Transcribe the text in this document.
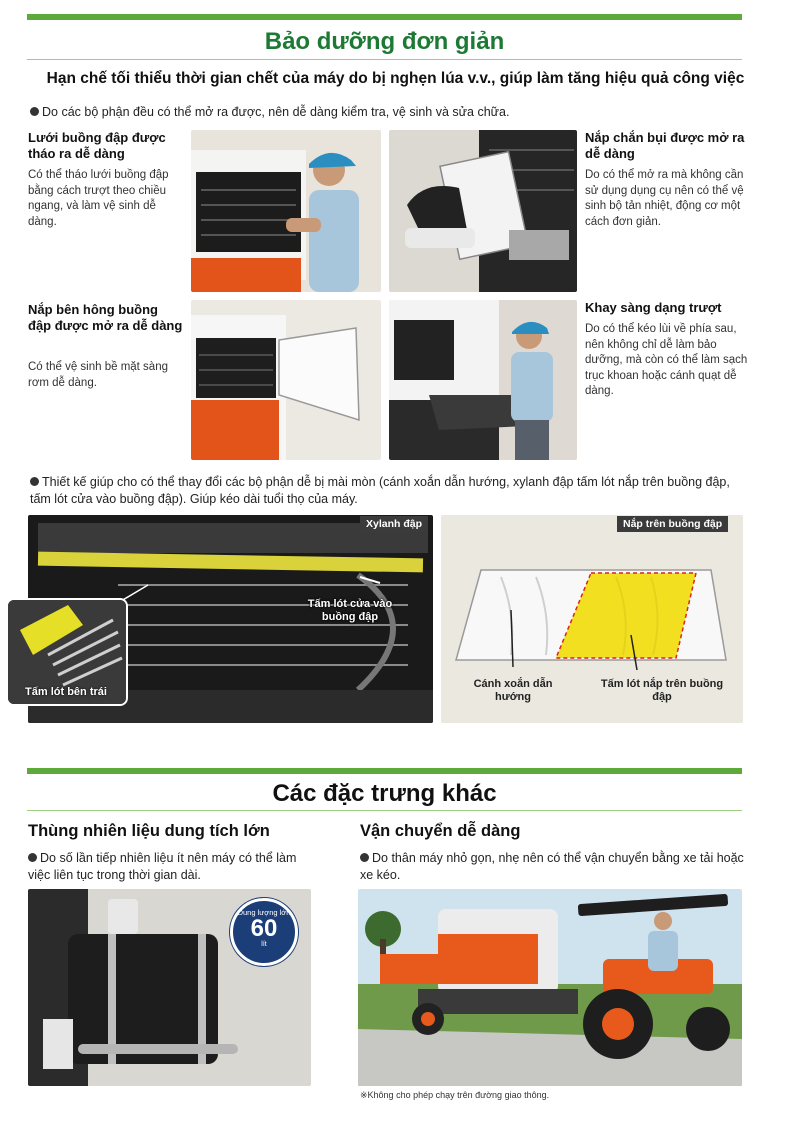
Bảo dưỡng đơn giản
Hạn chế tối thiểu thời gian chết của máy do bị nghẹn lúa v.v., giúp làm tăng hiệu quả công việc
Do các bộ phận đều có thể mở ra được, nên dễ dàng kiểm tra, vệ sinh và sửa chữa.
Lưới buồng đập được tháo ra dễ dàng
Có thể tháo lưới buồng đập bằng cách trượt theo chiều ngang, và làm vệ sinh dễ dàng.
Nắp chắn bụi được mở ra dễ dàng
Do có thể mở ra mà không cần sử dụng dụng cụ nên có thể vệ sinh bộ tản nhiệt, động cơ một cách đơn giản.
Nắp bên hông buồng đập được mở ra dễ dàng
Có thể vệ sinh bề mặt sàng rơm dễ dàng.
Khay sàng dạng trượt
Do có thể kéo lùi về phía sau, nên không chỉ dễ làm bảo dưỡng, mà còn có thể làm sạch trục khoan hoặc cánh quạt dễ dàng.
Thiết kế giúp cho có thể thay đổi các bộ phận dễ bị mài mòn (cánh xoắn dẫn hướng, xylanh đập tấm lót nắp trên buồng đập, tấm lót cửa vào buồng đập). Giúp kéo dài tuổi thọ của máy.
Xylanh đập
Tấm lót cửa vào buồng đập
Tấm lót bên trái
Nắp trên buồng đập
Cánh xoắn dẫn hướng
Tấm lót nắp trên buồng đập
Các đặc trưng khác
Thùng nhiên liệu dung tích lớn
Do số lần tiếp nhiên liệu ít nên máy có thể làm việc liên tục trong thời gian dài.
Dung lượng lớn
60
lít
Vận chuyển dễ dàng
Do thân máy nhỏ gọn, nhẹ nên có thể vận chuyển bằng xe tải hoặc xe kéo.
※Không cho phép chạy trên đường giao thông.
